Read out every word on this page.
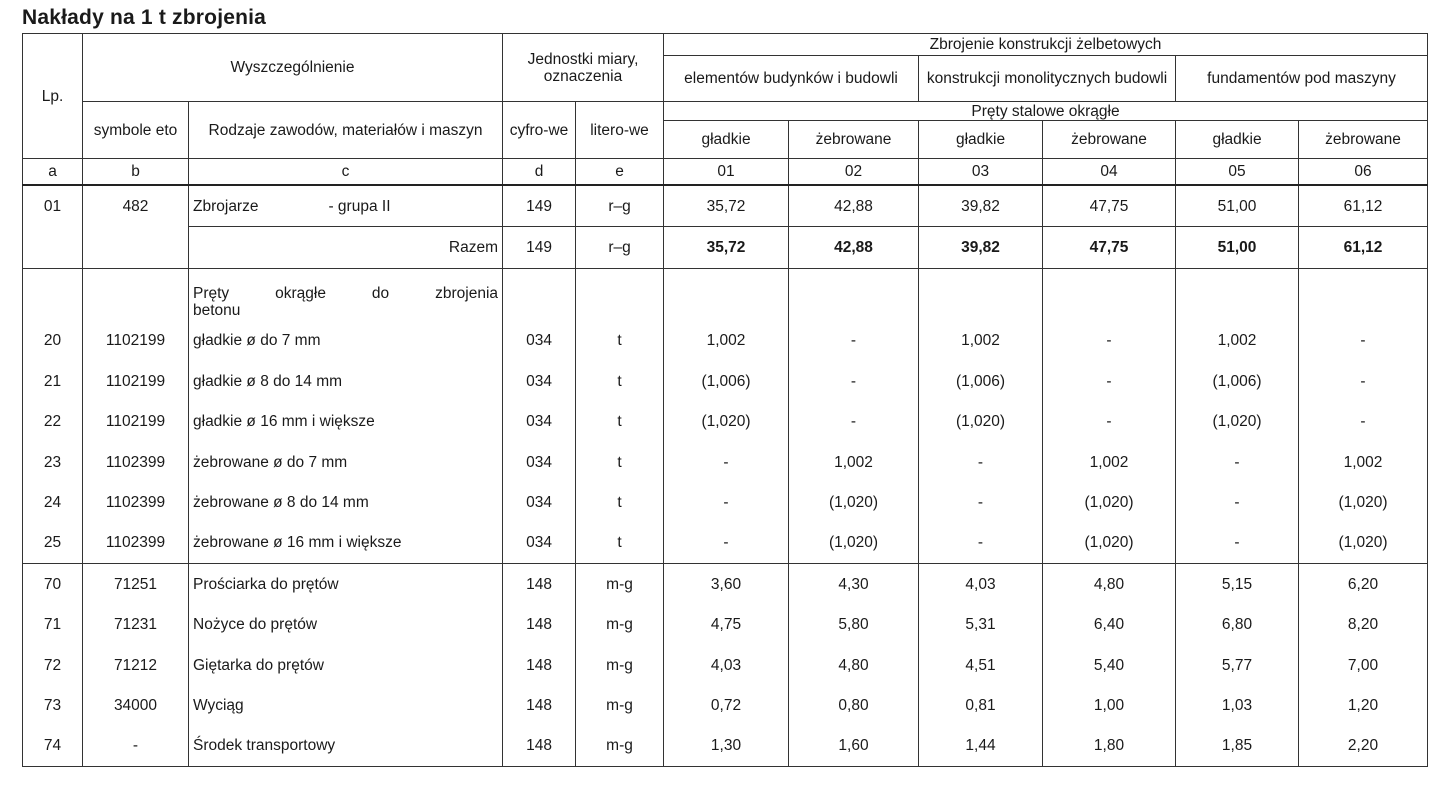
Nakłady na 1 t zbrojenia
Lp.	Wyszczególnienie		Jednostki miary, oznaczenia		Zbrojenie konstrukcji żelbetowych					
					elementów budynków i budowli		konstrukcji monolitycznych budowli		fundamentów pod maszyny	
	symbole eto	Rodzaje zawodów, materiałów i maszyn	cyfro-we	litero-we	Pręty stalowe okrągłe					
					gładkie	żebrowane	gładkie	żebrowane	gładkie	żebrowane
a	b	c	d	e	01	02	03	04	05	06
01	482	Zbrojarze - grupa II	149	r–g	35,72	42,88	39,82	47,75	51,00	61,12
		Razem	149	r–g	35,72	42,88	39,82	47,75	51,00	61,12

		Pręty okrągłe do zbrojenia
betonu								

20	1102199	gładkie ø do 7 mm	034	t	1,002	-	1,002	-	1,002	-
21	1102199	gładkie ø 8 do 14 mm	034	t	(1,006)	-	(1,006)	-	(1,006)	-
22	1102199	gładkie ø 16 mm i większe	034	t	(1,020)	-	(1,020)	-	(1,020)	-
23	1102399	żebrowane ø do 7 mm	034	t	-	1,002	-	1,002	-	1,002
24	1102399	żebrowane ø 8 do 14 mm	034	t	-	(1,020)	-	(1,020)	-	(1,020)
25	1102399	żebrowane ø 16 mm i większe	034	t	-	(1,020)	-	(1,020)	-	(1,020)
70	71251	Prościarka do prętów	148	m-g	3,60	4,30	4,03	4,80	5,15	6,20
71	71231	Nożyce do prętów	148	m-g	4,75	5,80	5,31	6,40	6,80	8,20
72	71212	Giętarka do prętów	148	m-g	4,03	4,80	4,51	5,40	5,77	7,00
73	34000	Wyciąg	148	m-g	0,72	0,80	0,81	1,00	1,03	1,20
74	-	Środek transportowy	148	m-g	1,30	1,60	1,44	1,80	1,85	2,20
